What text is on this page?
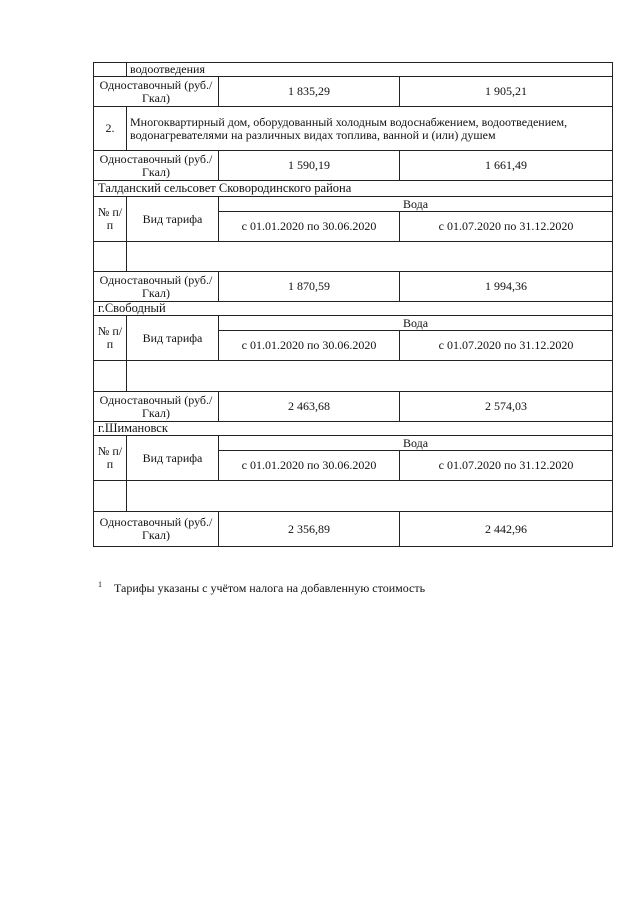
	водоотведения		
Одноставочный (руб./Гкал)		1 835,29	1 905,21
2.	Многоквартирный дом, оборудованный холодным водоснабжением, водоотведением, водонагревателями на различных видах топлива, ванной и (или) душем		
Одноставочный (руб./Гкал)		1 590,19	1 661,49
Талданский сельсовет Сковородинского района			
№ п/п	Вид тарифа	Вода	
		с 01.01.2020 по 30.06.2020	с 01.07.2020 по 31.12.2020

Одноставочный (руб./Гкал)		1 870,59	1 994,36
г.Свободный			
№ п/п	Вид тарифа	Вода	
		с 01.01.2020 по 30.06.2020	с 01.07.2020 по 31.12.2020

Одноставочный (руб./Гкал)		2 463,68	2 574,03
г.Шимановск			
№ п/п	Вид тарифа	Вода	
		с 01.01.2020 по 30.06.2020	с 01.07.2020 по 31.12.2020

Одноставочный (руб./Гкал)		2 356,89	2 442,96
$^1$ Тарифы указаны с учётом налога на добавленную стоимость
